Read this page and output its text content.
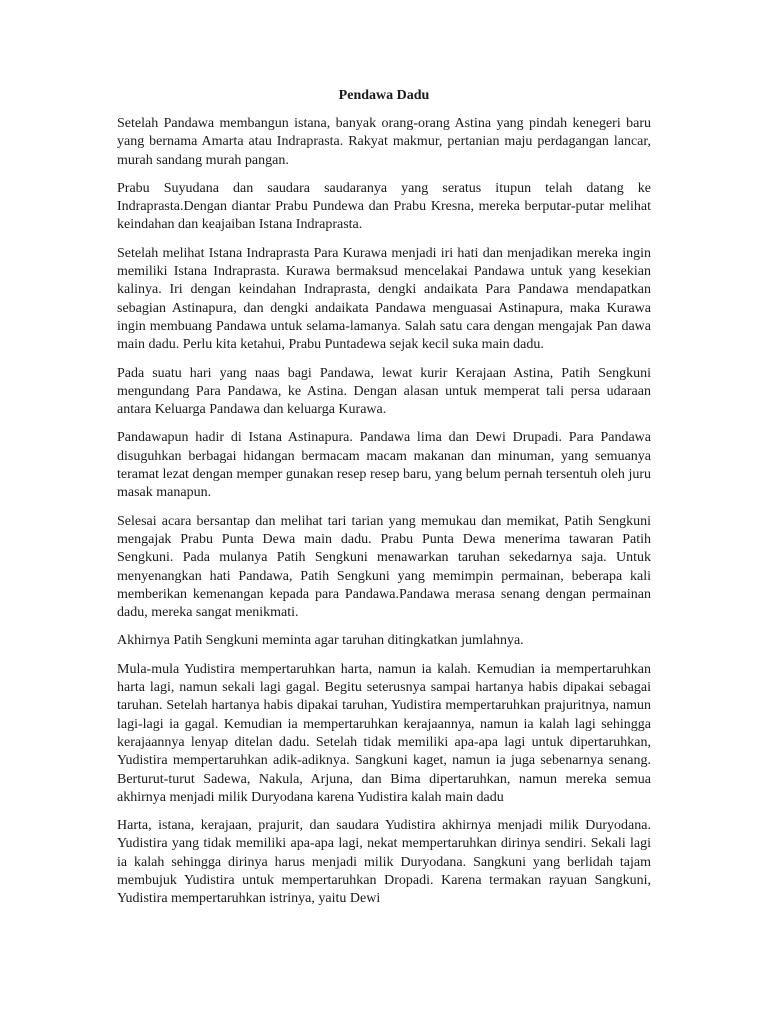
Pendawa Dadu

Setelah Pandawa membangun istana, banyak orang-orang Astina yang pindah kenegeri baru yang bernama Amarta atau Indraprasta. Rakyat makmur, pertanian maju perdagangan lancar, murah sandang murah pangan.

Prabu Suyudana dan saudara saudaranya yang seratus itupun telah datang ke Indraprasta.Dengan diantar Prabu Pundewa dan Prabu Kresna, mereka berputar-putar melihat keindahan dan keajaiban Istana Indraprasta.

Setelah melihat Istana Indraprasta Para Kurawa menjadi iri hati dan menjadikan mereka ingin memiliki Istana Indraprasta. Kurawa bermaksud mencelakai Pandawa untuk yang kesekian kalinya. Iri dengan keindahan Indraprasta, dengki andaikata Para Pandawa mendapatkan sebagian Astinapura, dan dengki andaikata Pandawa menguasai Astinapura, maka Kurawa ingin membuang Pandawa untuk selama-lamanya. Salah satu cara dengan mengajak Pan dawa main dadu. Perlu kita ketahui, Prabu Puntadewa sejak kecil suka main dadu.

Pada suatu hari yang naas bagi Pandawa, lewat kurir Kerajaan Astina, Patih Sengkuni mengundang Para Pandawa, ke Astina. Dengan alasan untuk memperat tali persa udaraan antara Keluarga Pandawa dan keluarga Kurawa.

Pandawapun hadir di Istana Astinapura. Pandawa lima dan Dewi Drupadi. Para Pandawa disuguhkan berbagai hidangan bermacam macam makanan dan minuman, yang semuanya teramat lezat dengan memper gunakan resep resep baru, yang belum pernah tersentuh oleh juru masak manapun.

Selesai acara bersantap dan melihat tari tarian yang memukau dan memikat, Patih Sengkuni mengajak Prabu Punta Dewa main dadu. Prabu Punta Dewa menerima tawaran Patih Sengkuni. Pada mulanya Patih Sengkuni menawarkan taruhan sekedarnya saja. Untuk menyenangkan hati Pandawa, Patih Sengkuni yang memimpin permainan, beberapa kali memberikan kemenangan kepada para Pandawa.Pandawa merasa senang dengan permainan dadu, mereka sangat menikmati.

Akhirnya Patih Sengkuni meminta agar taruhan ditingkatkan jumlahnya.

Mula-mula Yudistira mempertaruhkan harta, namun ia kalah. Kemudian ia mempertaruhkan harta lagi, namun sekali lagi gagal. Begitu seterusnya sampai hartanya habis dipakai sebagai taruhan. Setelah hartanya habis dipakai taruhan, Yudistira mempertaruhkan prajuritnya, namun lagi-lagi ia gagal. Kemudian ia mempertaruhkan kerajaannya, namun ia kalah lagi sehingga kerajaannya lenyap ditelan dadu. Setelah tidak memiliki apa-apa lagi untuk dipertaruhkan, Yudistira mempertaruhkan adik-adiknya. Sangkuni kaget, namun ia juga sebenarnya senang. Berturut-turut Sadewa, Nakula, Arjuna, dan Bima dipertaruhkan, namun mereka semua akhirnya menjadi milik Duryodana karena Yudistira kalah main dadu

Harta, istana, kerajaan, prajurit, dan saudara Yudistira akhirnya menjadi milik Duryodana. Yudistira yang tidak memiliki apa-apa lagi, nekat mempertaruhkan dirinya sendiri. Sekali lagi ia kalah sehingga dirinya harus menjadi milik Duryodana. Sangkuni yang berlidah tajam membujuk Yudistira untuk mempertaruhkan Dropadi. Karena termakan rayuan Sangkuni, Yudistira mempertaruhkan istrinya, yaitu Dewi
